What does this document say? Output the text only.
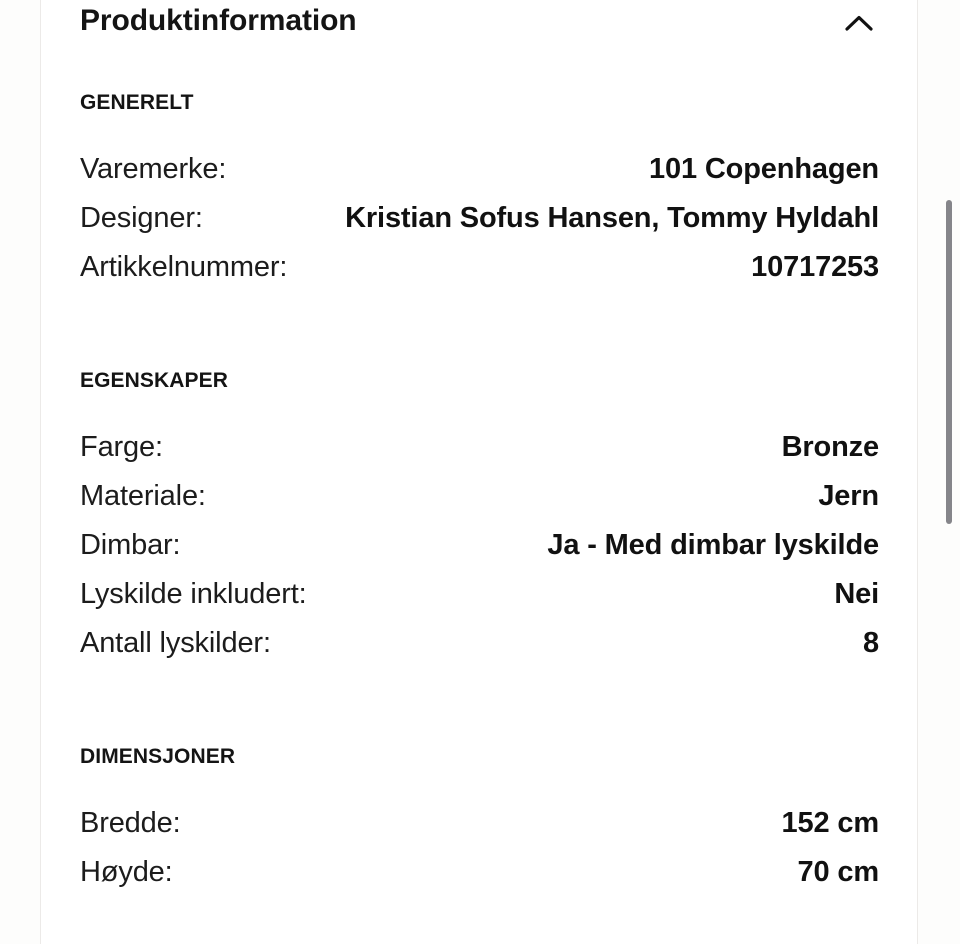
Produktinformation
GENERELT
Varemerke:	101 Copenhagen
Designer:	Kristian Sofus Hansen, Tommy Hyldahl
Artikkelnummer:	10717253
EGENSKAPER
Farge:	Bronze
Materiale:	Jern
Dimbar:	Ja - Med dimbar lyskilde
Lyskilde inkludert:	Nei
Antall lyskilder:	8
DIMENSJONER
Bredde:	152 cm
Høyde:	70 cm
